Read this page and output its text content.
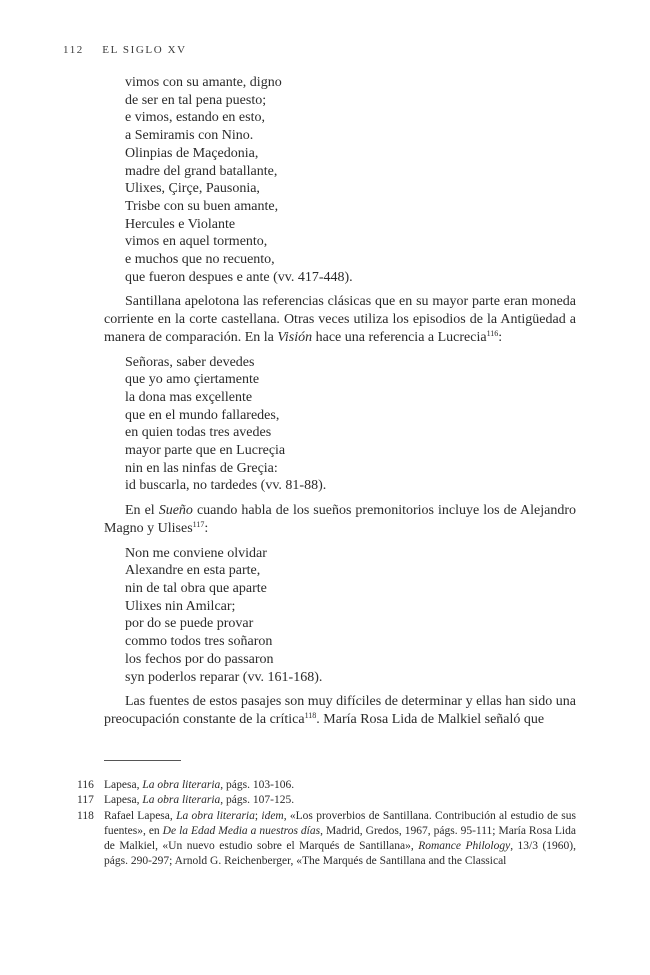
112 EL SIGLO XV
vimos con su amante, digno
de ser en tal pena puesto;
e vimos, estando en esto,
a Semiramis con Nino.
Olinpias de Maçedonia,
madre del grand batallante,
Ulixes, Çirçe, Pausonia,
Trisbe con su buen amante,
Hercules e Violante
vimos en aquel tormento,
e muchos que no recuento,
que fueron despues e ante (vv. 417-448).

Santillana apelotona las referencias clásicas que en su mayor parte eran moneda corriente en la corte castellana. Otras veces utiliza los episodios de la Antigüedad a manera de comparación. En la Visión hace una referencia a Lucrecia$^{116}$:

Señoras, saber devedes
que yo amo çiertamente
la dona mas exçellente
que en el mundo fallaredes,
en quien todas tres avedes
mayor parte que en Lucreçia
nin en las ninfas de Greçia:
id buscarla, no tardedes (vv. 81-88).

En el Sueño cuando habla de los sueños premonitorios incluye los de Alejandro Magno y Ulises$^{117}$:

Non me conviene olvidar
Alexandre en esta parte,
nin de tal obra que aparte
Ulixes nin Amilcar;
por do se puede provar
commo todos tres soñaron
los fechos por do passaron
syn poderlos reparar (vv. 161-168).

Las fuentes de estos pasajes son muy difíciles de determinar y ellas han sido una preocupación constante de la crítica$^{118}$. María Rosa Lida de Malkiel señaló que

116 Lapesa, La obra literaria, págs. 103-106.
117 Lapesa, La obra literaria, págs. 107-125.
118 Rafael Lapesa, La obra literaria; idem, «Los proverbios de Santillana. Contribución al estudio de sus fuentes», en De la Edad Media a nuestros días, Madrid, Gredos, 1967, págs. 95-111; María Rosa Lida de Malkiel, «Un nuevo estudio sobre el Marqués de Santillana», Romance Philology, 13/3 (1960), págs. 290-297; Arnold G. Reichenberger, «The Marqués de Santillana and the Classical
